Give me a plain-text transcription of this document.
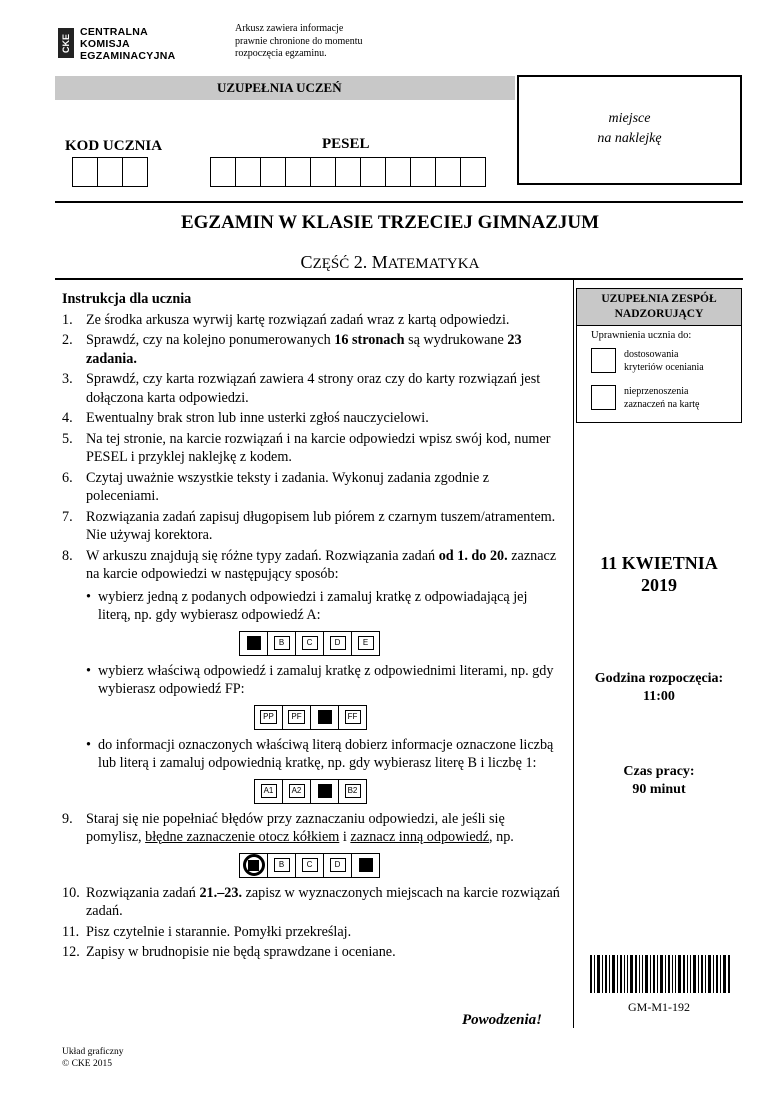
CKE
CENTRALNA
KOMISJA
EGZAMINACYJNA
Arkusz zawiera informacje
prawnie chronione do momentu
rozpoczęcia egzaminu.
UZUPEŁNIA UCZEŃ
miejsce
na naklejkę
KOD UCZNIA	PESEL
EGZAMIN W KLASIE TRZECIEJ GIMNAZJUM
CZĘŚĆ 2. MATEMATYKA
Instrukcja dla ucznia
1. Ze środka arkusza wyrwij kartę rozwiązań zadań wraz z kartą odpowiedzi.
2. Sprawdź, czy na kolejno ponumerowanych 16 stronach są wydrukowane 23 zadania.
3. Sprawdź, czy karta rozwiązań zawiera 4 strony oraz czy do karty rozwiązań jest dołączona karta odpowiedzi.
4. Ewentualny brak stron lub inne usterki zgłoś nauczycielowi.
5. Na tej stronie, na karcie rozwiązań i na karcie odpowiedzi wpisz swój kod, numer PESEL i przyklej naklejkę z kodem.
6. Czytaj uważnie wszystkie teksty i zadania. Wykonuj zadania zgodnie z poleceniami.
7. Rozwiązania zadań zapisuj długopisem lub piórem z czarnym tuszem/atramentem. Nie używaj korektora.
8. W arkuszu znajdują się różne typy zadań. Rozwiązania zadań od 1. do 20. zaznacz na karcie odpowiedzi w następujący sposób:
• wybierz jedną z podanych odpowiedzi i zamaluj kratkę z odpowiadającą jej literą, np. gdy wybierasz odpowiedź A:
B	C	D	E
• wybierz właściwą odpowiedź i zamaluj kratkę z odpowiednimi literami, np. gdy wybierasz odpowiedź FP:
PP	PF	FF
• do informacji oznaczonych właściwą literą dobierz informacje oznaczone liczbą lub literą i zamaluj odpowiednią kratkę, np. gdy wybierasz literę B i liczbę 1:
A1	A2	B2
9. Staraj się nie popełniać błędów przy zaznaczaniu odpowiedzi, ale jeśli się pomylisz, błędne zaznaczenie otocz kółkiem i zaznacz inną odpowiedź, np.
B	C	D
10. Rozwiązania zadań 21.–23. zapisz w wyznaczonych miejscach na karcie rozwiązań zadań.
11. Pisz czytelnie i starannie. Pomyłki przekreślaj.
12. Zapisy w brudnopisie nie będą sprawdzane i oceniane.
Powodzenia!
UZUPEŁNIA ZESPÓŁ
NADZORUJĄCY
Uprawnienia ucznia do:
dostosowania
kryteriów oceniania
nieprzenoszenia
zaznaczeń na kartę
11 KWIETNIA
2019
Godzina rozpoczęcia:
11:00
Czas pracy:
90 minut
GM-M1-192
Układ graficzny
© CKE 2015
